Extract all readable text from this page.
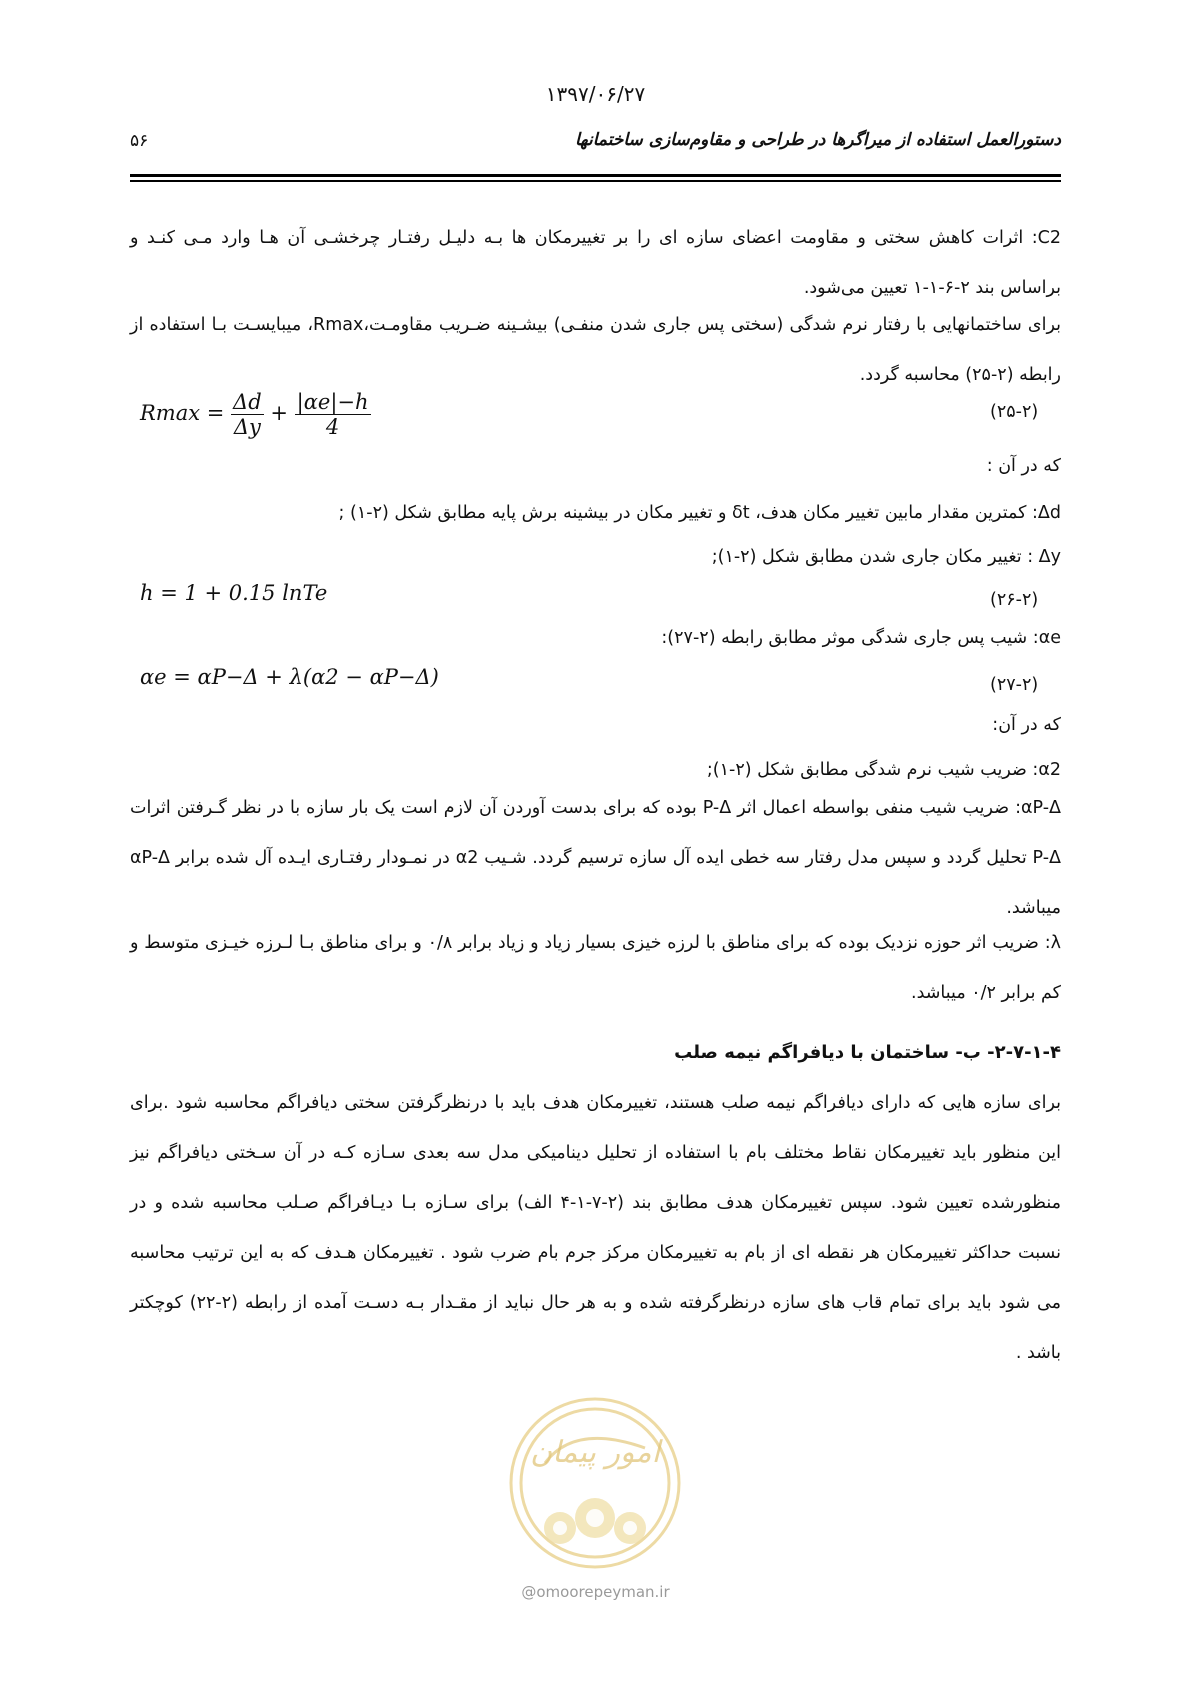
۱۳۹۷/۰۶/۲۷
۵۶	دستورالعمل استفاده از میراگرها در طراحی و مقاوم‌سازی ساختمانها

C2: اثرات کاهش سختی و مقاومت اعضای سازه ای را بر تغییرمکان ها بـه دلیـل رفتـار چرخشـی آن هـا وارد مـی کنـد و براساس بند ۲-۶-۱-۱ تعیین می‌شود.

برای ساختمانهایی با رفتار نرم شدگی (سختی پس جاری شدن منفـی) بیشـینه ضـریب مقاومـت،Rmax، میبایسـت بـا استفاده از رابطه (۲-۲۵) محاسبه گردد.

$Rmax = \frac{\Delta d}{\Delta y} + \frac{|\alpha e|-h}{4}$	(۲۵-۲)
که در آن :
Δd: کمترین مقدار مابین تغییر مکان هدف، δt و تغییر مکان در بیشینه برش پایه مطابق شکل (۲-۱) ;
Δy : تغییر مکان جاری شدن مطابق شکل (۲-۱);
h = 1 + 0.15 lnTe	(۲۶-۲)
αe: شیب پس جاری شدگی موثر مطابق رابطه (۲-۲۷):
αe = αP−Δ + λ(α2 − αP−Δ)	(۲۷-۲)
که در آن:
α2: ضریب شیب نرم شدگی مطابق شکل (۲-۱);

αP-Δ: ضریب شیب منفی بواسطه اعمال اثر P-Δ بوده که برای بدست آوردن آن لازم است یک بار سازه با در نظر گـرفتن اثرات P-Δ تحلیل گردد و سپس مدل رفتار سه خطی ایده آل سازه ترسیم گردد. شـیب α2 در نمـودار رفتـاری ایـده آل شده برابر αP-Δ میباشد.

λ: ضریب اثر حوزه نزدیک بوده که برای مناطق با لرزه خیزی بسیار زیاد و زیاد برابر ۰/۸ و برای مناطق بـا لـرزه خیـزی متوسط و کم برابر ۰/۲ میباشد.

۲-۷-۱-۴- ب- ساختمان با دیافراگم نیمه صلب

برای سازه هایی که دارای دیافراگم نیمه صلب هستند، تغییرمکان هدف باید با درنظرگرفتن سختی دیافراگم محاسبه شود .برای این منظور باید تغییرمکان نقاط مختلف بام با استفاده از تحلیل دینامیکی مدل سه بعدی سـازه کـه در آن سـختی دیافراگم نیز منظورشده تعیین شود. سپس تغییرمکان هدف مطابق بند (۲-۷-۱-۴ الف) برای سـازه بـا دیـافراگم صـلب محاسبه شده و در نسبت حداکثر تغییرمکان هر نقطه ای از بام به تغییرمکان مرکز جرم بام ضرب شود . تغییرمکان هـدف که به این ترتیب محاسبه می شود باید برای تمام قاب های سازه درنظرگرفته شده و به هر حال نباید از مقـدار بـه دسـت آمده از رابطه (۲-۲۲) کوچکتر باشد .

امور پیمان
@omoorepeyman.ir
